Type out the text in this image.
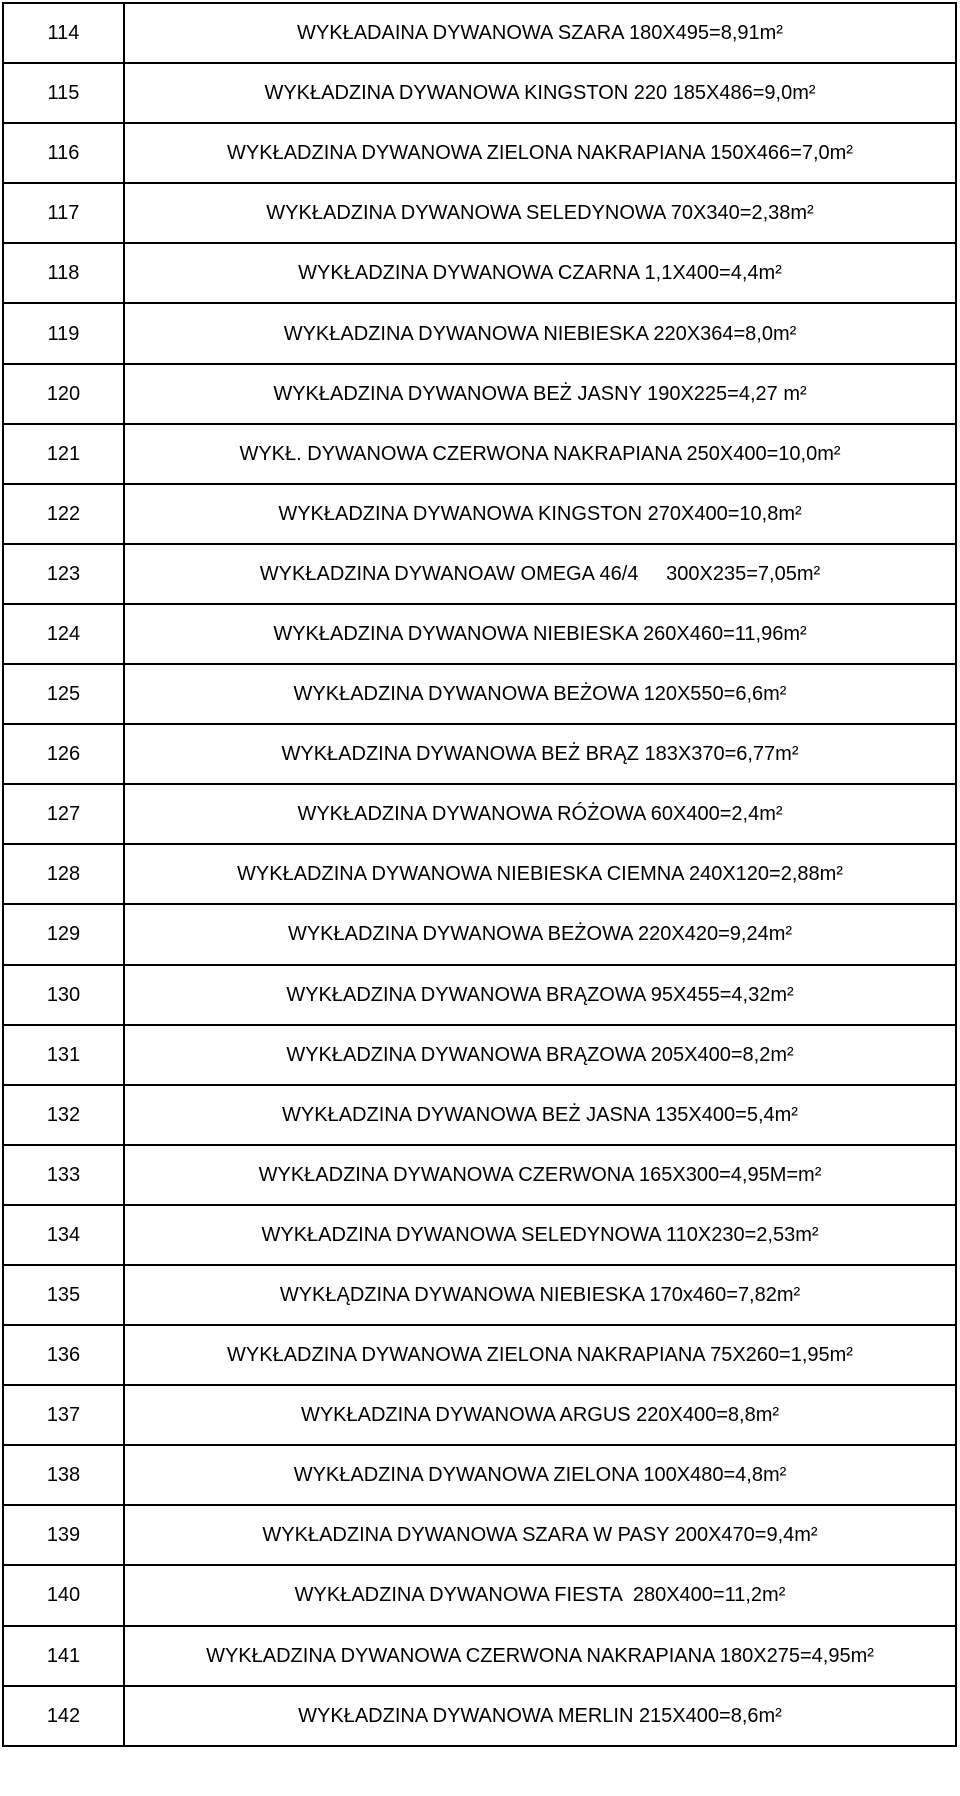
114	WYKŁADAINA DYWANOWA SZARA 180X495=8,91m²
115	WYKŁADZINA DYWANOWA KINGSTON 220 185X486=9,0m²
116	WYKŁADZINA DYWANOWA ZIELONA NAKRAPIANA 150X466=7,0m²
117	WYKŁADZINA DYWANOWA SELEDYNOWA 70X340=2,38m²
118	WYKŁADZINA DYWANOWA CZARNA 1,1X400=4,4m²
119	WYKŁADZINA DYWANOWA NIEBIESKA 220X364=8,0m²
120	WYKŁADZINA DYWANOWA BEŻ JASNY 190X225=4,27 m²
121	WYKŁ. DYWANOWA CZERWONA NAKRAPIANA 250X400=10,0m²
122	WYKŁADZINA DYWANOWA KINGSTON 270X400=10,8m²
123	WYKŁADZINA DYWANOAW OMEGA 46/4     300X235=7,05m²
124	WYKŁADZINA DYWANOWA NIEBIESKA 260X460=11,96m²
125	WYKŁADZINA DYWANOWA BEŻOWA 120X550=6,6m²
126	WYKŁADZINA DYWANOWA BEŻ BRĄZ 183X370=6,77m²
127	WYKŁADZINA DYWANOWA RÓŻOWA 60X400=2,4m²
128	WYKŁADZINA DYWANOWA NIEBIESKA CIEMNA 240X120=2,88m²
129	WYKŁADZINA DYWANOWA BEŻOWA 220X420=9,24m²
130	WYKŁADZINA DYWANOWA BRĄZOWA 95X455=4,32m²
131	WYKŁADZINA DYWANOWA BRĄZOWA 205X400=8,2m²
132	WYKŁADZINA DYWANOWA BEŻ JASNA 135X400=5,4m²
133	WYKŁADZINA DYWANOWA CZERWONA 165X300=4,95M=m²
134	WYKŁADZINA DYWANOWA SELEDYNOWA 110X230=2,53m²
135	WYKŁĄDZINA DYWANOWA NIEBIESKA 170x460=7,82m²
136	WYKŁADZINA DYWANOWA ZIELONA NAKRAPIANA 75X260=1,95m²
137	WYKŁADZINA DYWANOWA ARGUS 220X400=8,8m²
138	WYKŁADZINA DYWANOWA ZIELONA 100X480=4,8m²
139	WYKŁADZINA DYWANOWA SZARA W PASY 200X470=9,4m²
140	WYKŁADZINA DYWANOWA FIESTA  280X400=11,2m²
141	WYKŁADZINA DYWANOWA CZERWONA NAKRAPIANA 180X275=4,95m²
142	WYKŁADZINA DYWANOWA MERLIN 215X400=8,6m²
